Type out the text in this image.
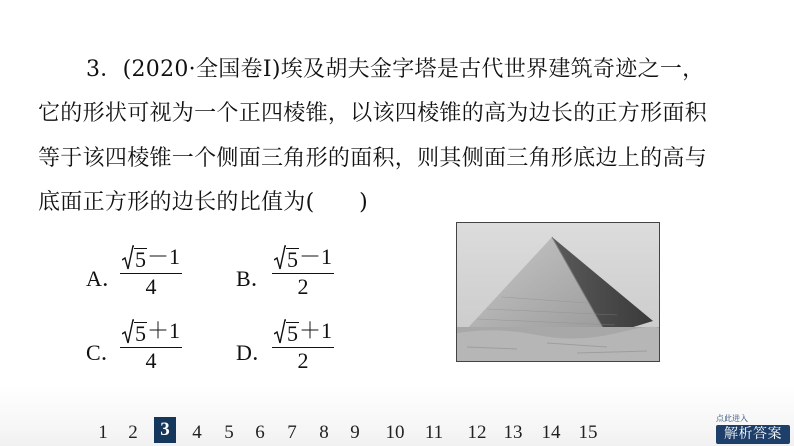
3．(2020·全国卷Ⅰ)埃及胡夫金字塔是古代世界建筑奇迹之一，
它的形状可视为一个正四棱锥，以该四棱锥的高为边长的正方形面积
等于该四棱锥一个侧面三角形的面积，则其侧面三角形底边上的高与
底面正方形的边长的比值为(　　)
A．
5 －1
4	B．
5 －1
2
C．
5 ＋1
4	D．
5 ＋1
2
1	2	3	4	5	6	7	8	9	10 11 12 13 14 15
点此进入
解析答案
